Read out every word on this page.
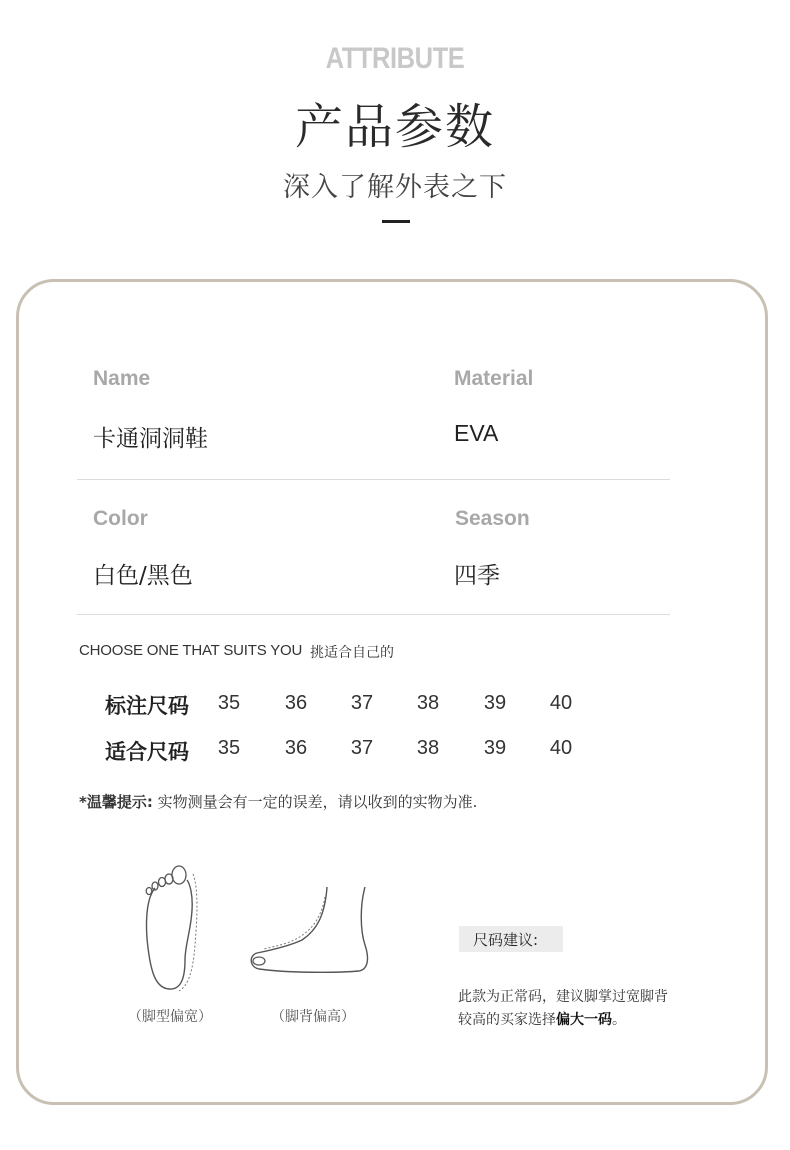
ATTRIBUTE
产品参数
深入了解外表之下
Name
卡通洞洞鞋
Material
EVA
Color
白色/黑色
Season
四季
CHOOSE ONE THAT SUITS YOU 挑适合自己的
标注尺码	35	36	37	38	39	40
适合尺码	35	36	37	38	39	40
*温馨提示: 实物测量会有一定的误差，请以收到的实物为准.
（脚型偏宽）	（脚背偏高）
尺码建议:
此款为正常码，建议脚掌过宽脚背
较高的买家选择偏大一码。
